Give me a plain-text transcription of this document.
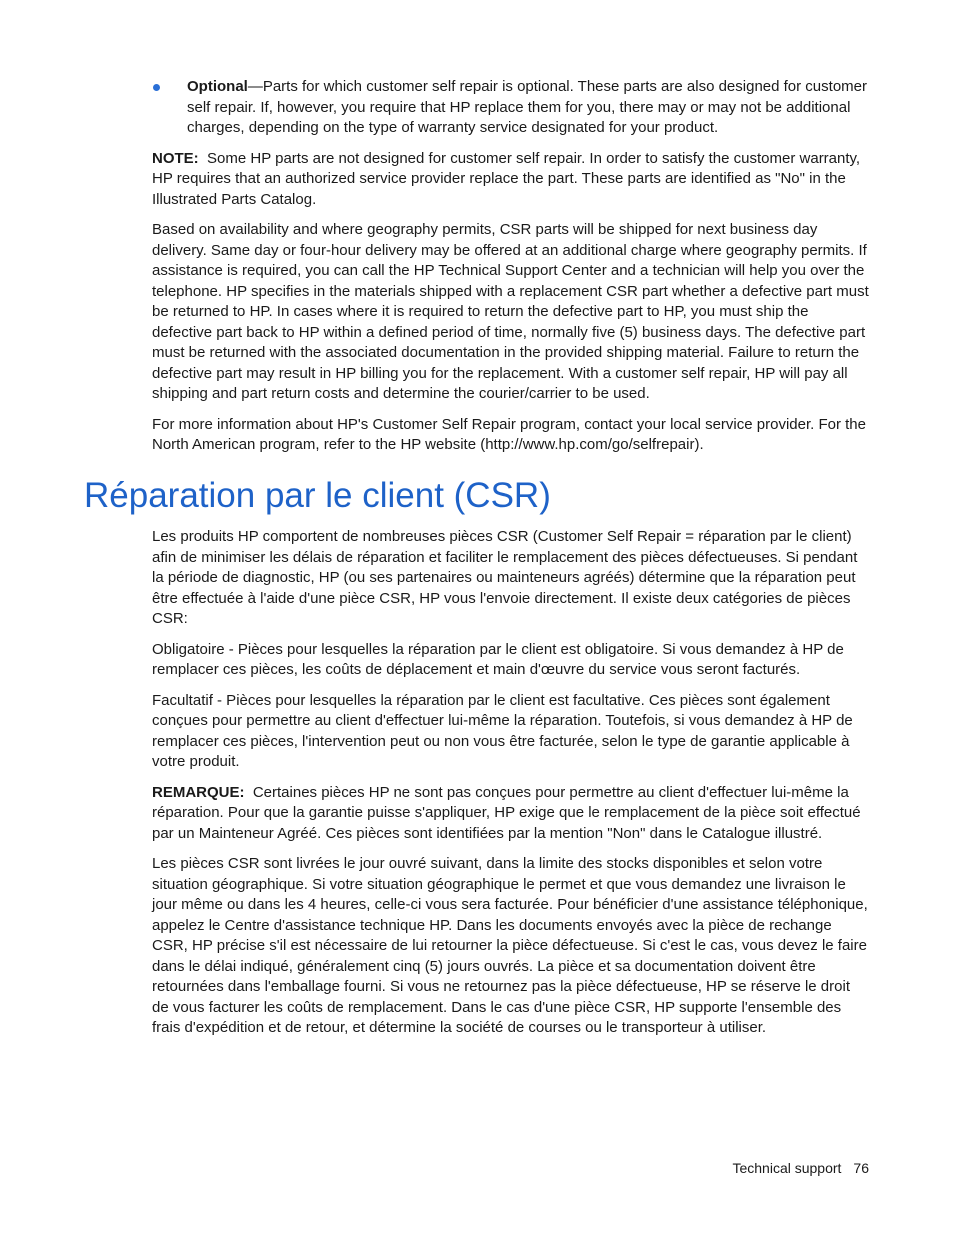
Optional—Parts for which customer self repair is optional. These parts are also designed for customer self repair. If, however, you require that HP replace them for you, there may or may not be additional charges, depending on the type of warranty service designated for your product.

NOTE: Some HP parts are not designed for customer self repair. In order to satisfy the customer warranty, HP requires that an authorized service provider replace the part. These parts are identified as "No" in the Illustrated Parts Catalog.

Based on availability and where geography permits, CSR parts will be shipped for next business day delivery. Same day or four-hour delivery may be offered at an additional charge where geography permits. If assistance is required, you can call the HP Technical Support Center and a technician will help you over the telephone. HP specifies in the materials shipped with a replacement CSR part whether a defective part must be returned to HP. In cases where it is required to return the defective part to HP, you must ship the defective part back to HP within a defined period of time, normally five (5) business days. The defective part must be returned with the associated documentation in the provided shipping material. Failure to return the defective part may result in HP billing you for the replacement. With a customer self repair, HP will pay all shipping and part return costs and determine the courier/carrier to be used.

For more information about HP's Customer Self Repair program, contact your local service provider. For the North American program, refer to the HP website (http://www.hp.com/go/selfrepair).

Réparation par le client (CSR)

Les produits HP comportent de nombreuses pièces CSR (Customer Self Repair = réparation par le client) afin de minimiser les délais de réparation et faciliter le remplacement des pièces défectueuses. Si pendant la période de diagnostic, HP (ou ses partenaires ou mainteneurs agréés) détermine que la réparation peut être effectuée à l'aide d'une pièce CSR, HP vous l'envoie directement. Il existe deux catégories de pièces CSR:

Obligatoire - Pièces pour lesquelles la réparation par le client est obligatoire. Si vous demandez à HP de remplacer ces pièces, les coûts de déplacement et main d'œuvre du service vous seront facturés.

Facultatif - Pièces pour lesquelles la réparation par le client est facultative. Ces pièces sont également conçues pour permettre au client d'effectuer lui-même la réparation. Toutefois, si vous demandez à HP de remplacer ces pièces, l'intervention peut ou non vous être facturée, selon le type de garantie applicable à votre produit.

REMARQUE: Certaines pièces HP ne sont pas conçues pour permettre au client d'effectuer lui-même la réparation. Pour que la garantie puisse s'appliquer, HP exige que le remplacement de la pièce soit effectué par un Mainteneur Agréé. Ces pièces sont identifiées par la mention "Non" dans le Catalogue illustré.

Les pièces CSR sont livrées le jour ouvré suivant, dans la limite des stocks disponibles et selon votre situation géographique. Si votre situation géographique le permet et que vous demandez une livraison le jour même ou dans les 4 heures, celle-ci vous sera facturée. Pour bénéficier d'une assistance téléphonique, appelez le Centre d'assistance technique HP. Dans les documents envoyés avec la pièce de rechange CSR, HP précise s'il est nécessaire de lui retourner la pièce défectueuse. Si c'est le cas, vous devez le faire dans le délai indiqué, généralement cinq (5) jours ouvrés. La pièce et sa documentation doivent être retournées dans l'emballage fourni. Si vous ne retournez pas la pièce défectueuse, HP se réserve le droit de vous facturer les coûts de remplacement. Dans le cas d'une pièce CSR, HP supporte l'ensemble des frais d'expédition et de retour, et détermine la société de courses ou le transporteur à utiliser.

Technical support 76
